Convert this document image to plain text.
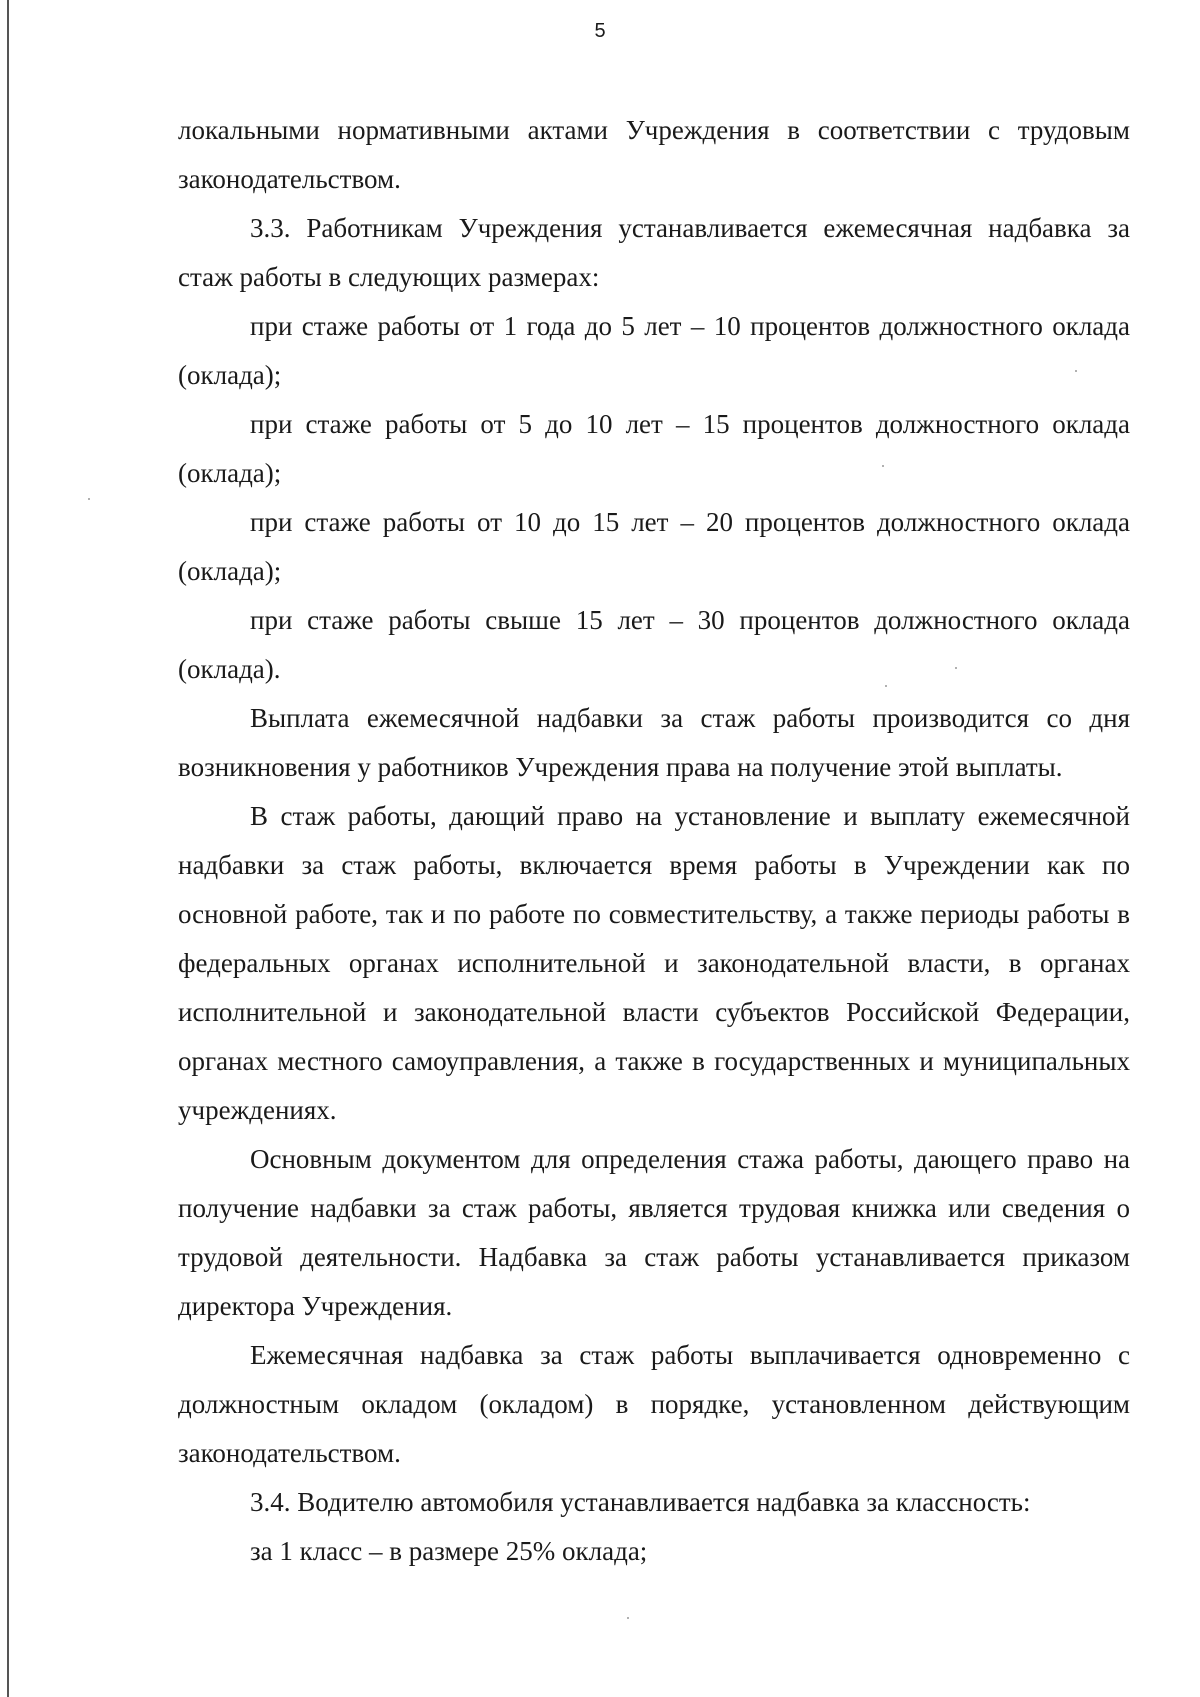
5

локальными нормативными актами Учреждения в соответствии с трудовым законодательством.

3.3. Работникам Учреждения устанавливается ежемесячная надбавка за стаж работы в следующих размерах:

при стаже работы от 1 года до 5 лет – 10 процентов должностного оклада (оклада);

при стаже работы от 5 до 10 лет – 15 процентов должностного оклада (оклада);

при стаже работы от 10 до 15 лет – 20 процентов должностного оклада (оклада);

при стаже работы свыше 15 лет – 30 процентов должностного оклада (оклада).

Выплата ежемесячной надбавки за стаж работы производится со дня возникновения у работников Учреждения права на получение этой выплаты.

В стаж работы, дающий право на установление и выплату ежемесячной надбавки за стаж работы, включается время работы в Учреждении как по основной работе, так и по работе по совместительству, а также периоды работы в федеральных органах исполнительной и законодательной власти, в органах исполнительной и законодательной власти субъектов Российской Федерации, органах местного самоуправления, а также в государственных и муниципальных учреждениях.

Основным документом для определения стажа работы, дающего право на получение надбавки за стаж работы, является трудовая книжка или сведения о трудовой деятельности. Надбавка за стаж работы устанавливается приказом директора Учреждения.

Ежемесячная надбавка за стаж работы выплачивается одновременно с должностным окладом (окладом) в порядке, установленном действующим законодательством.

3.4. Водителю автомобиля устанавливается надбавка за классность:

за 1 класс – в размере 25% оклада;
